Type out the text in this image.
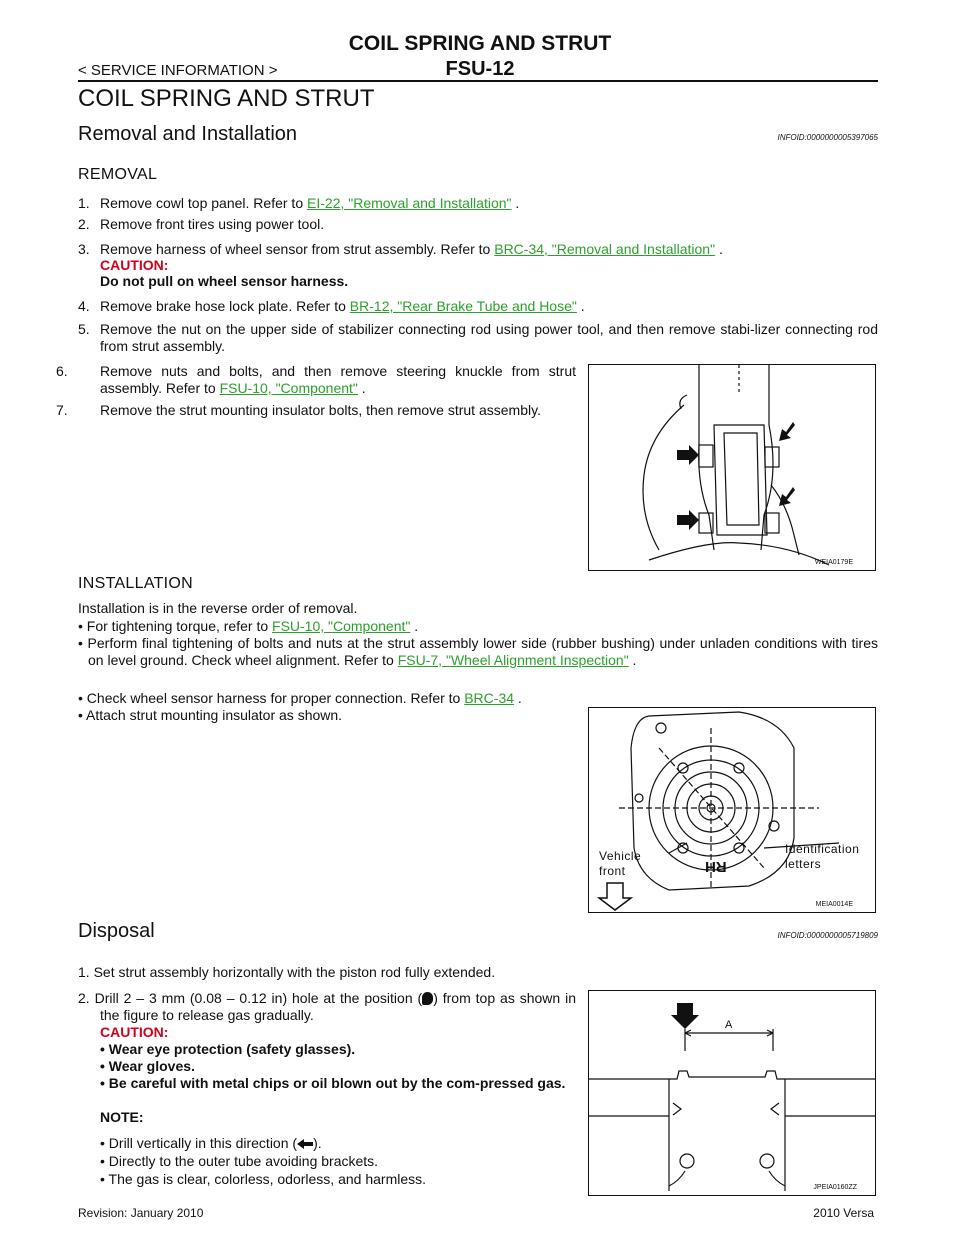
COIL SPRING AND STRUT
< SERVICE INFORMATION >	FSU-12
COIL SPRING AND STRUT
Removal and Installation	INFOID:0000000005397065
REMOVAL
1. Remove cowl top panel. Refer to EI-22, "Removal and Installation" .
2. Remove front tires using power tool.
3. Remove harness of wheel sensor from strut assembly. Refer to BRC-34, "Removal and Installation" .
CAUTION:
Do not pull on wheel sensor harness.
4. Remove brake hose lock plate. Refer to BR-12, "Rear Brake Tube and Hose" .
5. Remove the nut on the upper side of stabilizer connecting rod using power tool, and then remove stabi-lizer connecting rod from strut assembly.
6. Remove nuts and bolts, and then remove steering knuckle from strut assembly. Refer to FSU-10, "Component" .
7. Remove the strut mounting insulator bolts, then remove strut assembly.
WEIA0179E
INSTALLATION
Installation is in the reverse order of removal.
• For tightening torque, refer to FSU-10, "Component" .
• Perform final tightening of bolts and nuts at the strut assembly lower side (rubber bushing) under unladen conditions with tires on level ground. Check wheel alignment. Refer to FSU-7, "Wheel Alignment Inspection" .
• Check wheel sensor harness for proper connection. Refer to BRC-34 .
• Attach strut mounting insulator as shown.
RH
Vehicle front
Identification letters
MEIA0014E
Disposal	INFOID:0000000005719809
1. Set strut assembly horizontally with the piston rod fully extended.
2. Drill 2 – 3 mm (0.08 – 0.12 in) hole at the position ( ) from top as shown in the figure to release gas gradually.
CAUTION:
• Wear eye protection (safety glasses).
• Wear gloves.
• Be careful with metal chips or oil blown out by the com-pressed gas.
NOTE:
• Drill vertically in this direction ( ).
• Directly to the outer tube avoiding brackets.
• The gas is clear, colorless, odorless, and harmless.
A
JPEIA0160ZZ
Revision: January 2010	2010 Versa
